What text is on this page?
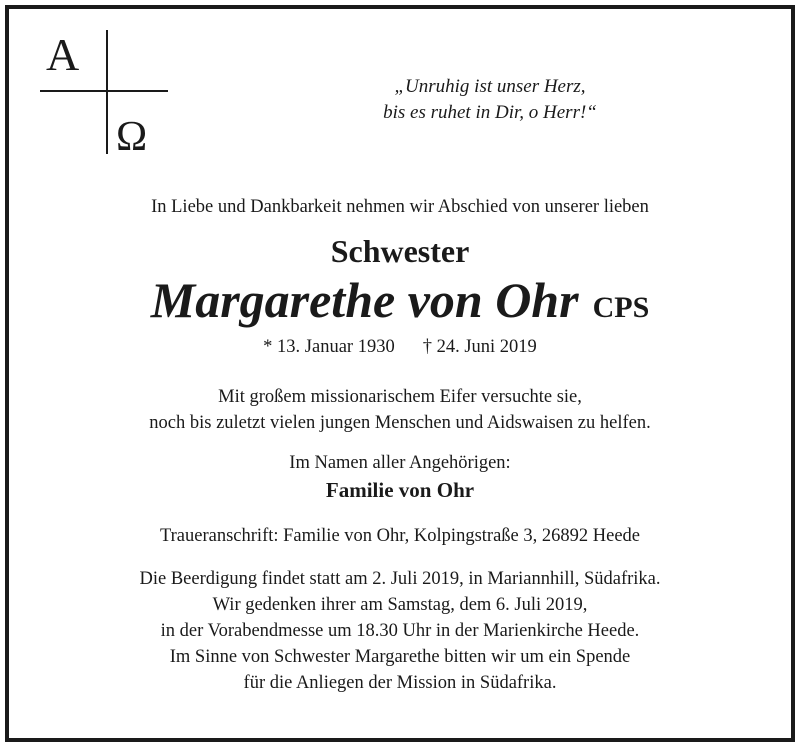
A
Ω
„Unruhig ist unser Herz,
bis es ruhet in Dir, o Herr!“
In Liebe und Dankbarkeit nehmen wir Abschied von unserer lieben
Schwester
Margarethe von Ohr CPS
* 13. Januar 1930 † 24. Juni 2019
Mit großem missionarischem Eifer versuchte sie,
noch bis zuletzt vielen jungen Menschen und Aidswaisen zu helfen.
Im Namen aller Angehörigen:
Familie von Ohr
Traueranschrift: Familie von Ohr, Kolpingstraße 3, 26892 Heede
Die Beerdigung findet statt am 2. Juli 2019, in Mariannhill, Südafrika.
Wir gedenken ihrer am Samstag, dem 6. Juli 2019,
in der Vorabendmesse um 18.30 Uhr in der Marienkirche Heede.
Im Sinne von Schwester Margarethe bitten wir um ein Spende
für die Anliegen der Mission in Südafrika.
